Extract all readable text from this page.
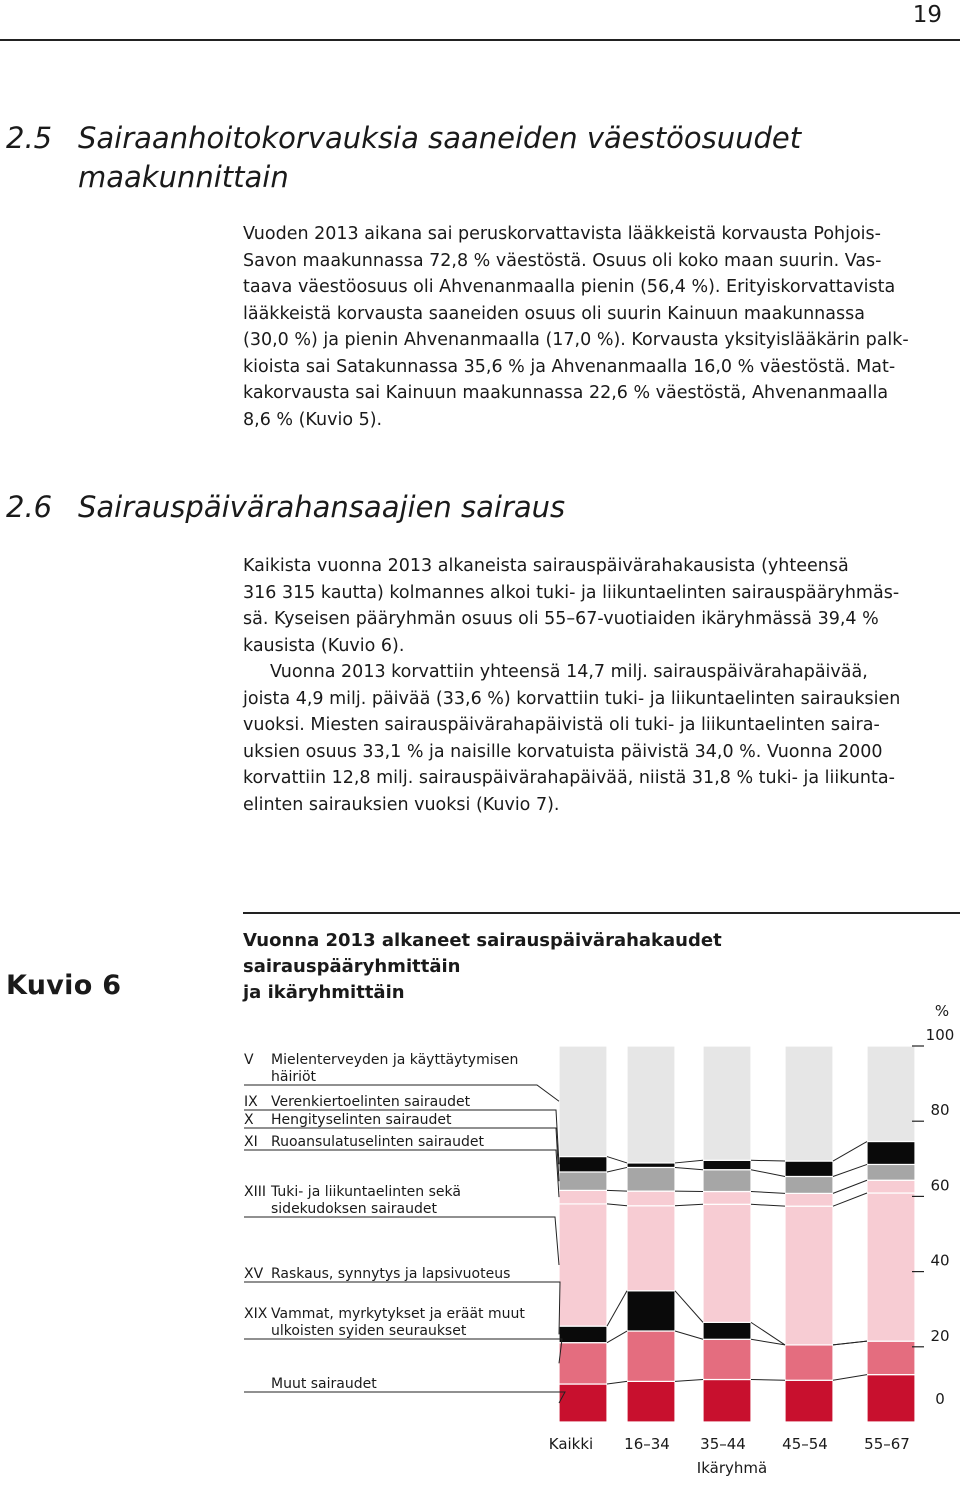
19
2.5 Sairaanhoitokorvauksia saaneiden väestöosuudet
maakunnittain

Vuoden 2013 aikana sai peruskorvattavista lääkkeistä korvausta Pohjois-

Savon maakunnassa 72,8 % väestöstä. Osuus oli koko maan suurin. Vas-

taava väestöosuus oli Ahvenanmaalla pienin (56,4 %). Erityiskorvattavista

lääkkeistä korvausta saaneiden osuus oli suurin Kainuun maakunnassa

(30,0 %) ja pienin Ahvenanmaalla (17,0 %). Korvausta yksityislääkärin palk-

kioista sai Satakunnassa 35,6 % ja Ahvenanmaalla 16,0 % väestöstä. Mat-

kakorvausta sai Kainuun maakunnassa 22,6 % väestöstä, Ahvenanmaalla

8,6 % (Kuvio 5).

2.6 Sairauspäivärahansaajien sairaus

Kaikista vuonna 2013 alkaneista sairauspäivärahakausista (yhteensä

316 315 kautta) kolmannes alkoi tuki- ja liikuntaelinten sairauspääryhmäs-

sä. Kyseisen pääryhmän osuus oli 55–67-vuotiaiden ikäryhmässä 39,4 %

kausista (Kuvio 6).

Vuonna 2013 korvattiin yhteensä 14,7 milj. sairauspäivärahapäivää,

joista 4,9 milj. päivää (33,6 %) korvattiin tuki- ja liikuntaelinten sairauksien

vuoksi. Miesten sairauspäivärahapäivistä oli tuki- ja liikuntaelinten saira-

uksien osuus 33,1 % ja naisille korvatuista päivistä 34,0 %. Vuonna 2000

korvattiin 12,8 milj. sairauspäivärahapäivää, niistä 31,8 % tuki- ja liikunta-

elinten sairauksien vuoksi (Kuvio 7).

Kuvio 6
Vuonna 2013 alkaneet sairauspäivärahakaudet sairauspääryhmittäin
ja ikäryhmittäin
V Mielenterveyden ja käyttäytymisen
häiriöt
IX Verenkiertoelinten sairaudet
X Hengityselinten sairaudet
XI Ruoansulatuselinten sairaudet
XIII Tuki- ja liikuntaelinten sekä
sidekudoksen sairaudet
XV Raskaus, synnytys ja lapsivuoteus
XIX Vammat, myrkytykset ja eräät muut
ulkoisten syiden seuraukset
Muut sairaudet
0
20
40
60
80
100
%
Kaikki 16–34 35–44 45–54 55–67
Ikäryhmä
